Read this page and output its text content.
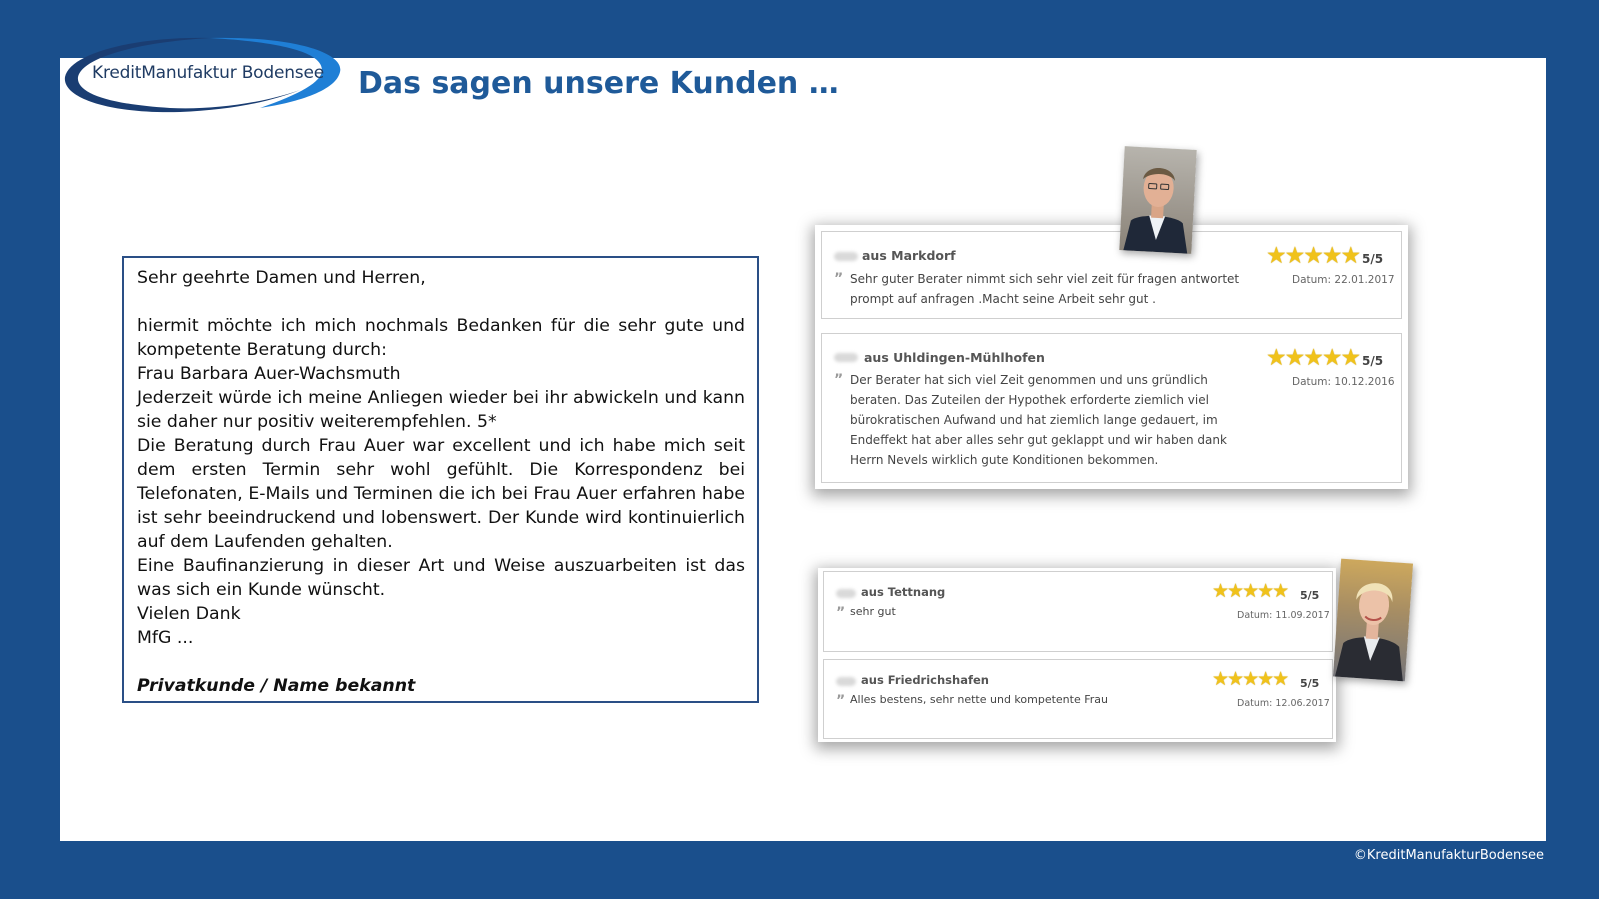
KreditManufaktur Bodensee Das sagen unsere Kunden …

Sehr geehrte Damen und Herren,

hiermit möchte ich mich nochmals Bedanken für die sehr gute und kompetente Beratung durch:

Frau Barbara Auer-Wachsmuth

Jederzeit würde ich meine Anliegen wieder bei ihr abwickeln und kann sie daher nur positiv weiterempfehlen. 5*

Die Beratung durch Frau Auer war excellent und ich habe mich seit dem ersten Termin sehr wohl gefühlt. Die Korrespondenz bei Telefonaten, E-Mails und Terminen die ich bei Frau Auer erfahren habe ist sehr beeindruckend und lobenswert. Der Kunde wird kontinuierlich auf dem Laufenden gehalten.

Eine Baufinanzierung in dieser Art und Weise auszuarbeiten ist das was sich ein Kunde wünscht.

Vielen Dank

MfG ...

Privatkunde / Name bekannt

aus Markdorf
” Sehr guter Berater nimmt sich sehr viel zeit für fragen antwortet prompt auf anfragen .Macht seine Arbeit sehr gut .
★★★★★ 5/5
Datum: 22.01.2017
aus Uhldingen-Mühlhofen
” Der Berater hat sich viel Zeit genommen und uns gründlich beraten. Das Zuteilen der Hypothek erforderte ziemlich viel bürokratischen Aufwand und hat ziemlich lange gedauert, im Endeffekt hat aber alles sehr gut geklappt und wir haben dank Herrn Nevels wirklich gute Konditionen bekommen.
★★★★★ 5/5
Datum: 10.12.2016
aus Tettnang
” sehr gut
★★★★★ 5/5
Datum: 11.09.2017
aus Friedrichshafen
” Alles bestens, sehr nette und kompetente Frau
★★★★★ 5/5
Datum: 12.06.2017
©KreditManufakturBodensee
